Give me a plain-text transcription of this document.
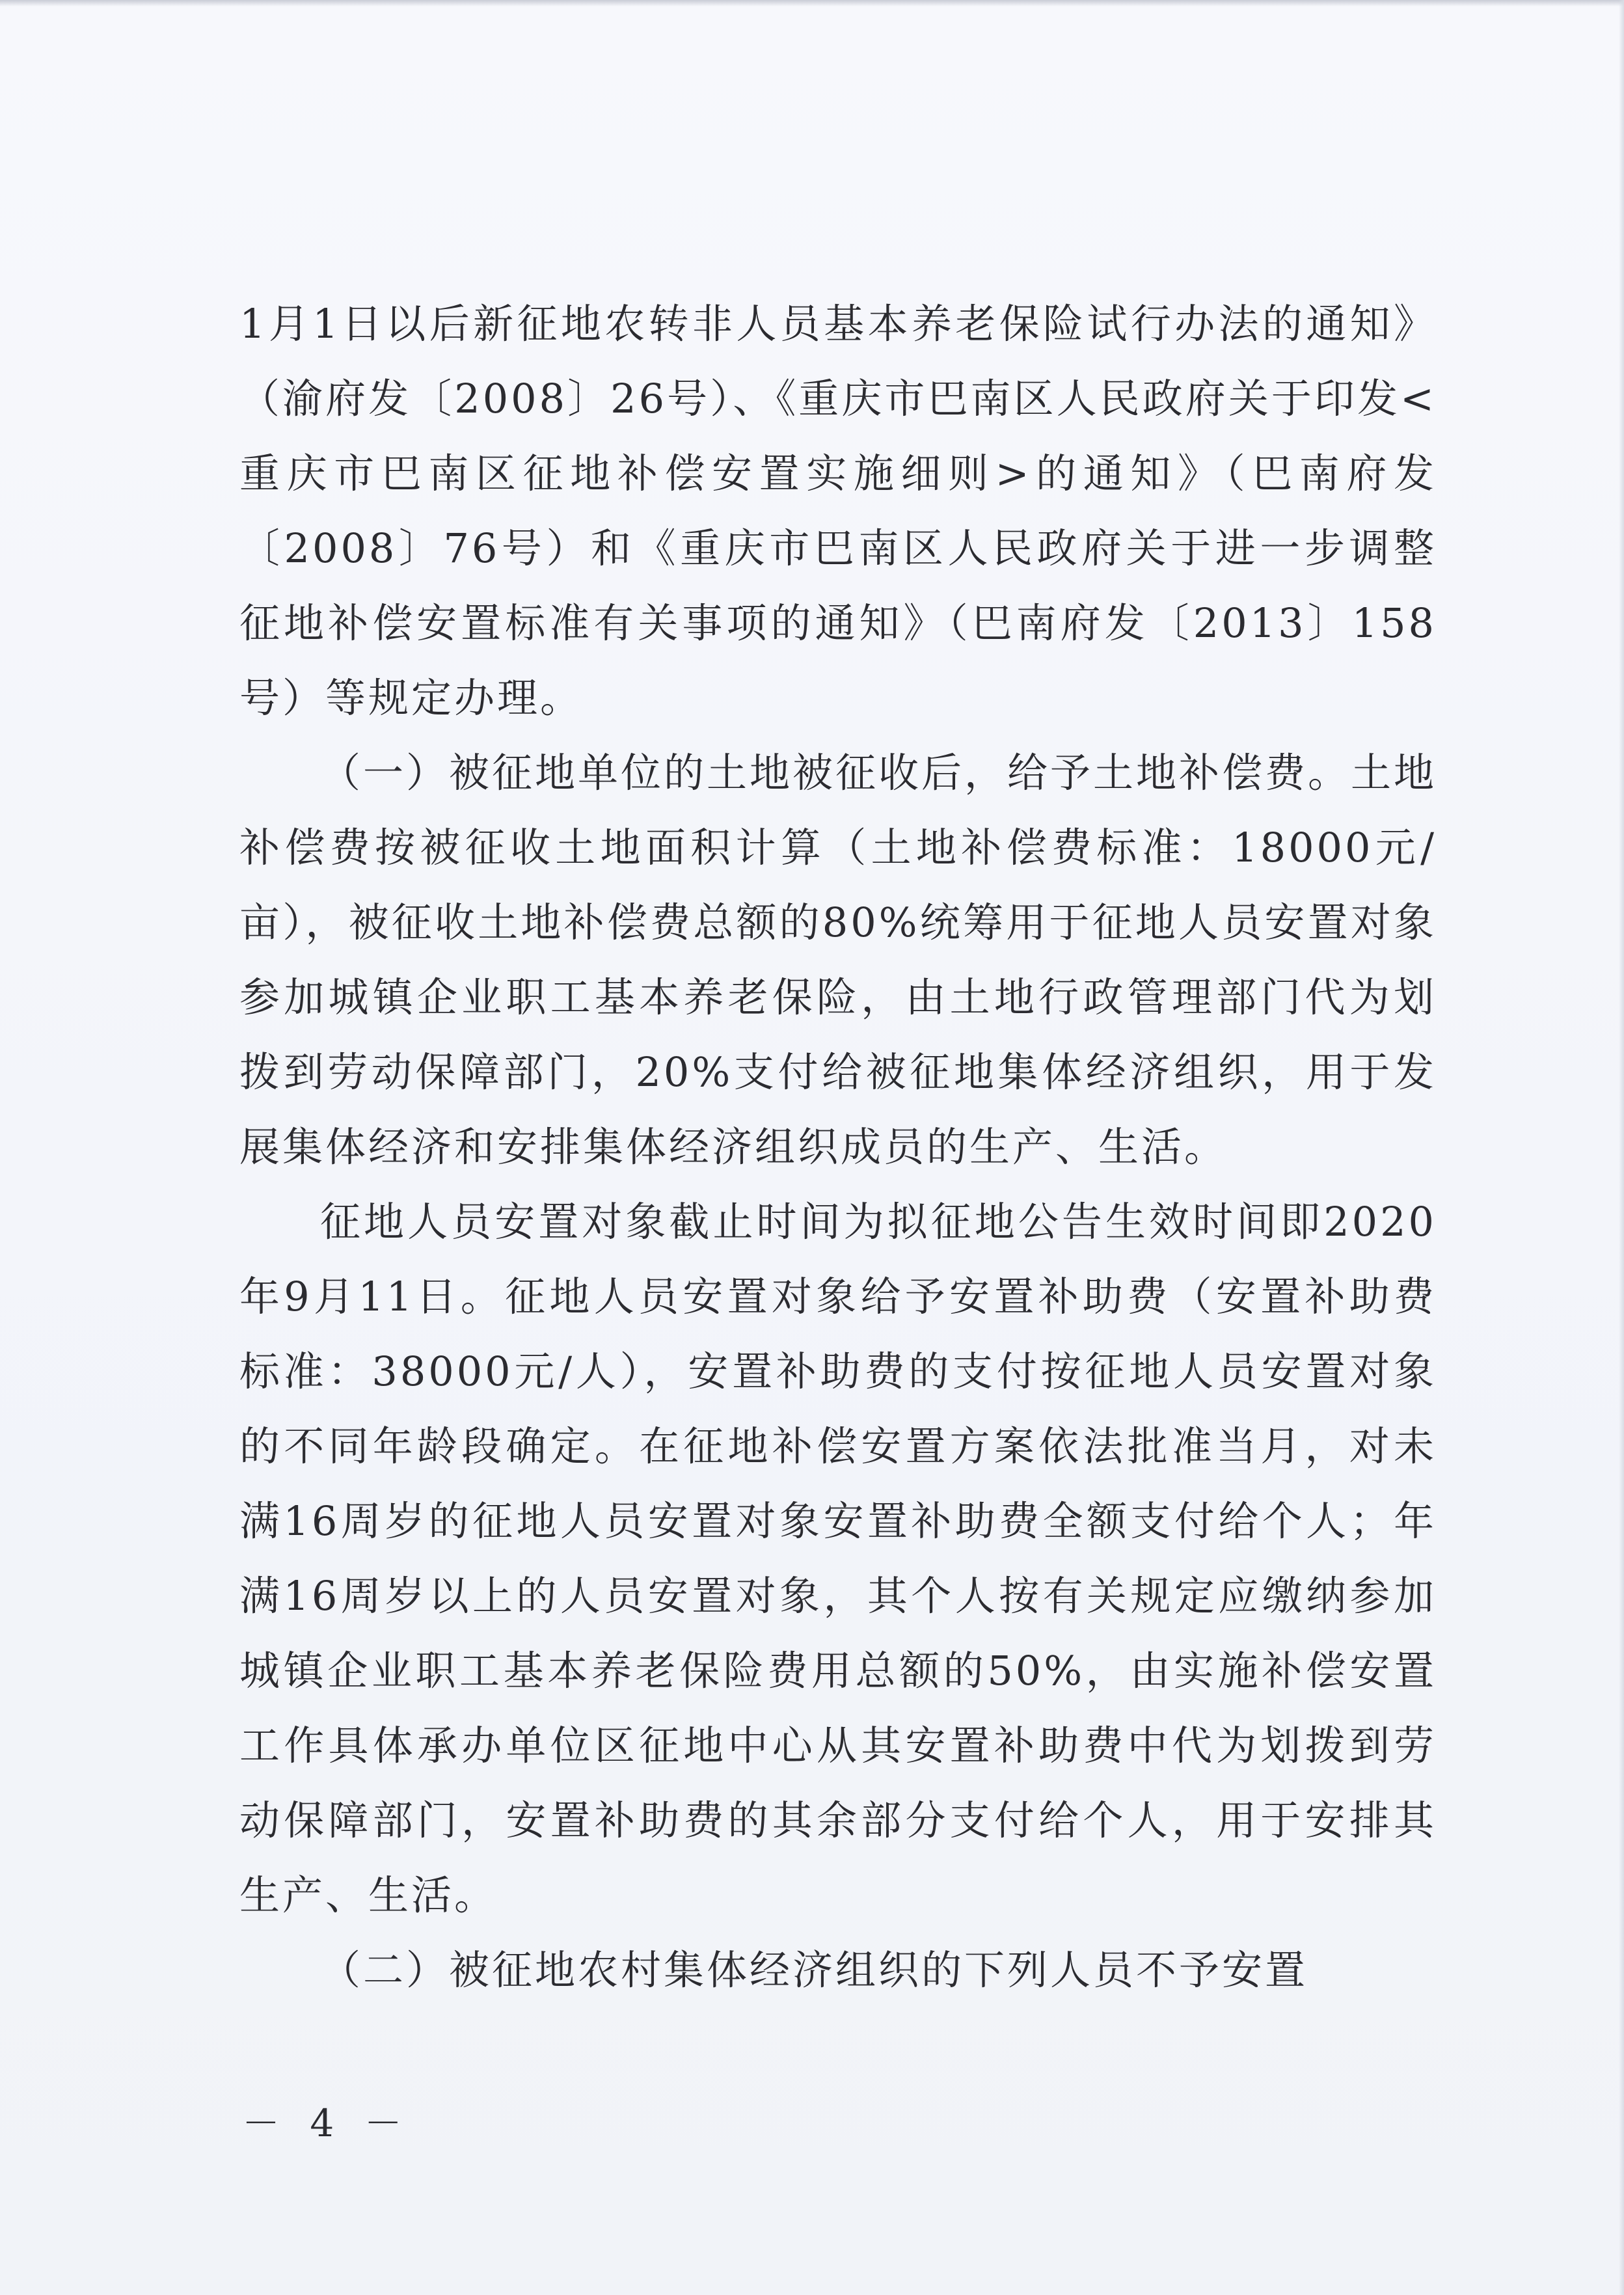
1月1日以后新征地农转非人员基本养老保险试行办法的通知》（渝府发〔2008〕26号）、《重庆市巴南区人民政府关于印发<重庆市巴南区征地补偿安置实施细则>的通知》（巴南府发〔2008〕76号）和《重庆市巴南区人民政府关于进一步调整征地补偿安置标准有关事项的通知》（巴南府发〔2013〕158号）等规定办理。

（一）被征地单位的土地被征收后，给予土地补偿费。土地补偿费按被征收土地面积计算（土地补偿费标准：18000元/亩），被征收土地补偿费总额的80%统筹用于征地人员安置对象参加城镇企业职工基本养老保险，由土地行政管理部门代为划拨到劳动保障部门，20%支付给被征地集体经济组织，用于发展集体经济和安排集体经济组织成员的生产、生活。

征地人员安置对象截止时间为拟征地公告生效时间即2020年9月11日。征地人员安置对象给予安置补助费（安置补助费标准：38000元/人），安置补助费的支付按征地人员安置对象的不同年龄段确定。在征地补偿安置方案依法批准当月，对未满16周岁的征地人员安置对象安置补助费全额支付给个人；年满16周岁以上的人员安置对象，其个人按有关规定应缴纳参加城镇企业职工基本养老保险费用总额的50%，由实施补偿安置工作具体承办单位区征地中心从其安置补助费中代为划拨到劳动保障部门，安置补助费的其余部分支付给个人，用于安排其生产、生活。

（二）被征地农村集体经济组织的下列人员不予安置

－ 4 －
